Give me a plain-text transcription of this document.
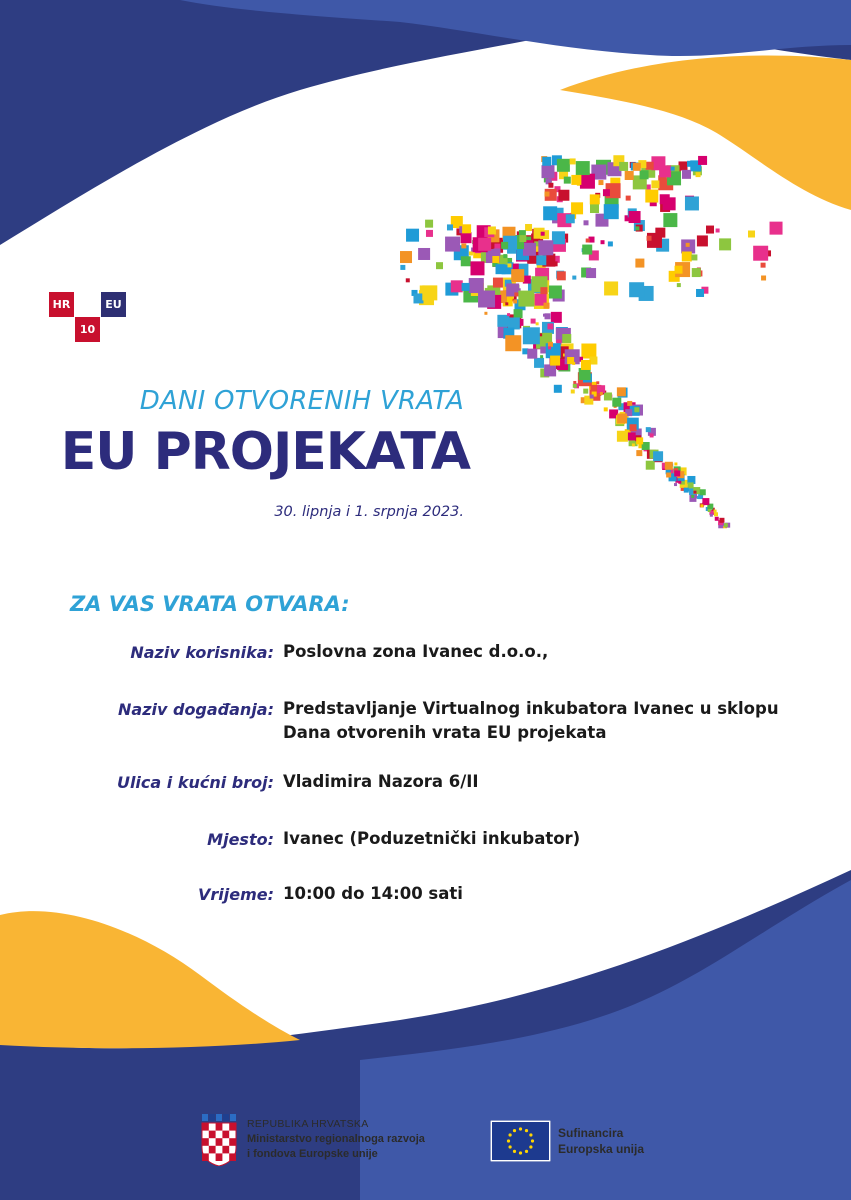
HR	EU
10
DANI OTVORENIH VRATA
EU PROJEKATA
30. lipnja i 1. srpnja 2023.
ZA VAS VRATA OTVARA:
Naziv korisnika: Poslovna zona Ivanec d.o.o.,
Naziv događanja: Predstavljanje Virtualnog inkubatora Ivanec u sklopu
Dana otvorenih vrata EU projekata
Ulica i kućni broj: Vladimira Nazora 6/II
Mjesto: Ivanec (Poduzetnički inkubator)
Vrijeme: 10:00 do 14:00 sati
REPUBLIKA HRVATSKA
Ministarstvo regionalnoga razvoja
i fondova Europske unije
Sufinancira
Europska unija
